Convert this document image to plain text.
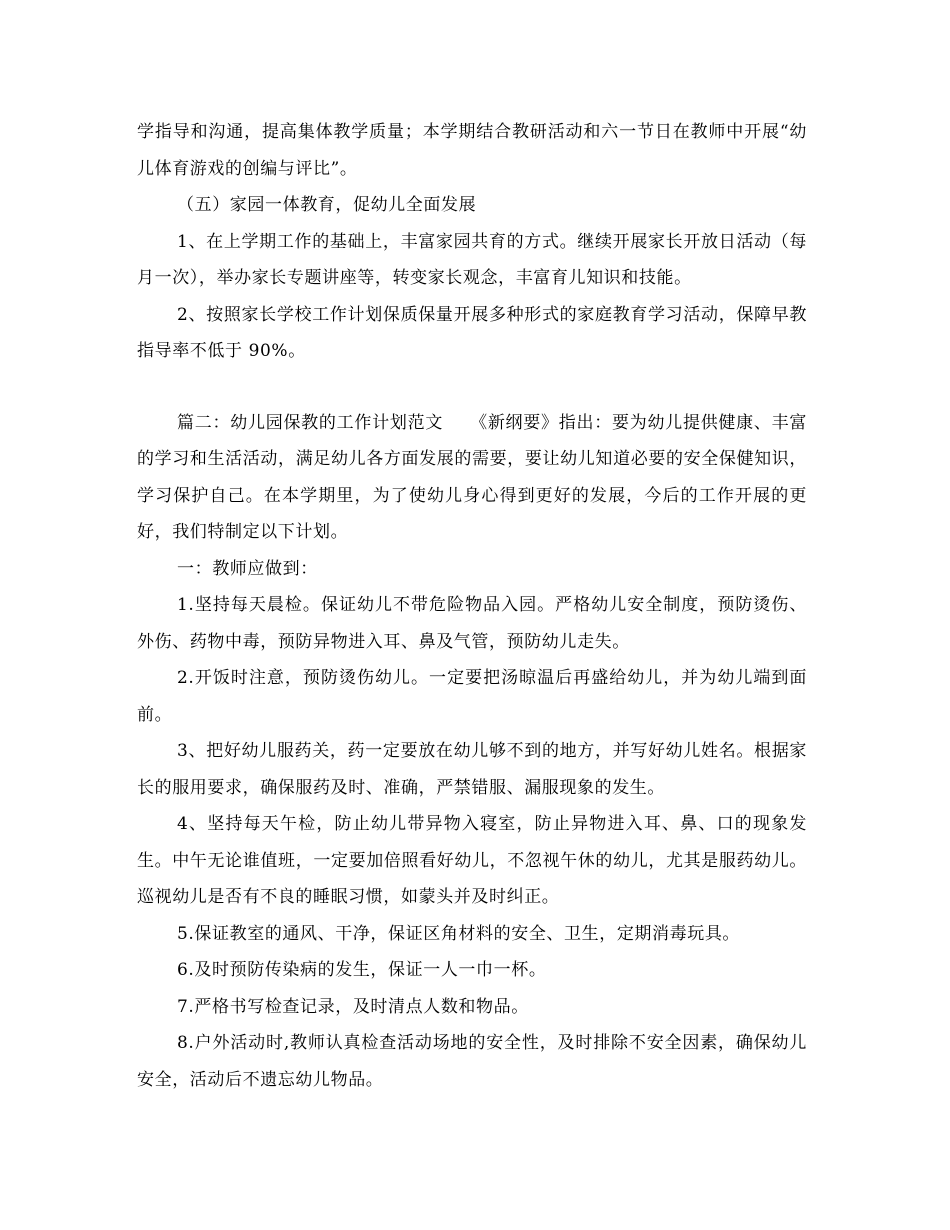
学指导和沟通，提高集体教学质量；本学期结合教研活动和六一节日在教师中开展“幼儿体育游戏的创编与评比”。

（五）家园一体教育，促幼儿全面发展

1、在上学期工作的基础上，丰富家园共育的方式。继续开展家长开放日活动（每月一次），举办家长专题讲座等，转变家长观念，丰富育儿知识和技能。

2、按照家长学校工作计划保质保量开展多种形式的家庭教育学习活动，保障早教指导率不低于 90%。

篇二：幼儿园保教的工作计划范文　　《新纲要》指出：要为幼儿提供健康、丰富的学习和生活活动，满足幼儿各方面发展的需要，要让幼儿知道必要的安全保健知识，学习保护自己。在本学期里，为了使幼儿身心得到更好的发展，今后的工作开展的更好，我们特制定以下计划。

一：教师应做到：

1.坚持每天晨检。保证幼儿不带危险物品入园。严格幼儿安全制度，预防烫伤、外伤、药物中毒，预防异物进入耳、鼻及气管，预防幼儿走失。

2.开饭时注意，预防烫伤幼儿。一定要把汤晾温后再盛给幼儿，并为幼儿端到面前。

3、把好幼儿服药关，药一定要放在幼儿够不到的地方，并写好幼儿姓名。根据家长的服用要求，确保服药及时、准确，严禁错服、漏服现象的发生。

4、坚持每天午检，防止幼儿带异物入寝室，防止异物进入耳、鼻、口的现象发生。中午无论谁值班，一定要加倍照看好幼儿，不忽视午休的幼儿，尤其是服药幼儿。巡视幼儿是否有不良的睡眠习惯，如蒙头并及时纠正。

5.保证教室的通风、干净，保证区角材料的安全、卫生，定期消毒玩具。

6.及时预防传染病的发生，保证一人一巾一杯。

7.严格书写检查记录，及时清点人数和物品。

8.户外活动时,教师认真检查活动场地的安全性，及时排除不安全因素，确保幼儿安全，活动后不遗忘幼儿物品。
